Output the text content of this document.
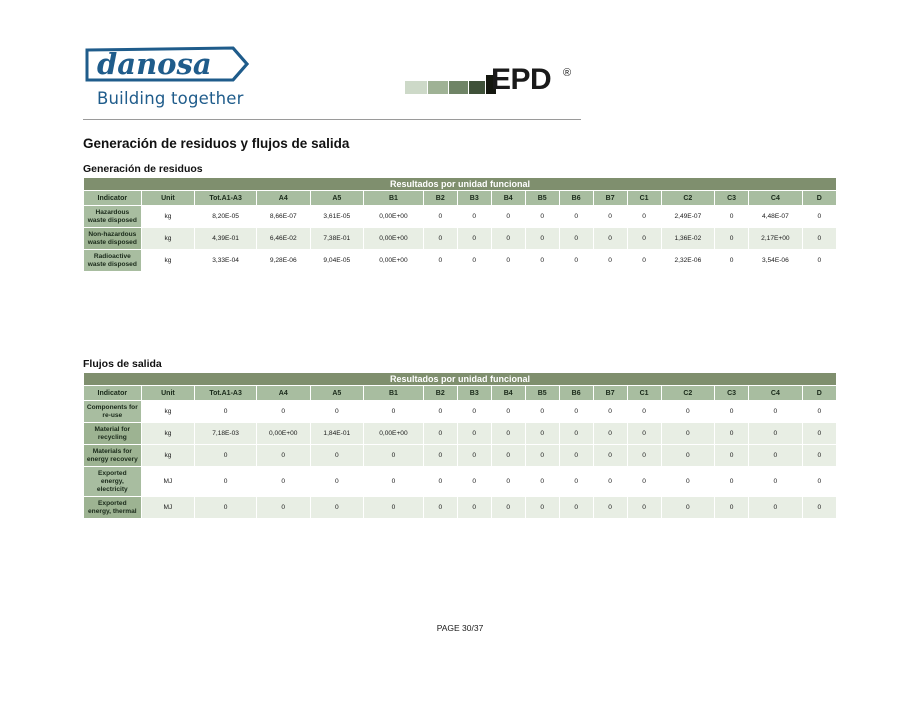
danosa
Building together
EPD ®
Generación de residuos y flujos de salida
Generación de residuos
Resultados por unidad funcional																
Indicator	Unit	Tot.A1-A3	A4	A5	B1	B2	B3	B4	B5	B6	B7	C1	C2	C3	C4	D
Hazardous waste disposed	kg	8,20E-05	8,66E-07	3,61E-05	0,00E+00	0	0	0	0	0	0	0	2,49E-07	0	4,48E-07	0
Non-hazardous waste disposed	kg	4,39E-01	6,46E-02	7,38E-01	0,00E+00	0	0	0	0	0	0	0	1,36E-02	0	2,17E+00	0
Radioactive waste disposed	kg	3,33E-04	9,28E-06	9,04E-05	0,00E+00	0	0	0	0	0	0	0	2,32E-06	0	3,54E-06	0
Flujos de salida
Resultados por unidad funcional																
Indicator	Unit	Tot.A1-A3	A4	A5	B1	B2	B3	B4	B5	B6	B7	C1	C2	C3	C4	D
Components for re-use	kg	0	0	0	0	0	0	0	0	0	0	0	0	0	0	0
Material for recycling	kg	7,18E-03	0,00E+00	1,84E-01	0,00E+00	0	0	0	0	0	0	0	0	0	0	0
Materials for energy recovery	kg	0	0	0	0	0	0	0	0	0	0	0	0	0	0	0
Exported energy, electricity	MJ	0	0	0	0	0	0	0	0	0	0	0	0	0	0	0
Exported energy, thermal	MJ	0	0	0	0	0	0	0	0	0	0	0	0	0	0	0
PAGE 30/37
